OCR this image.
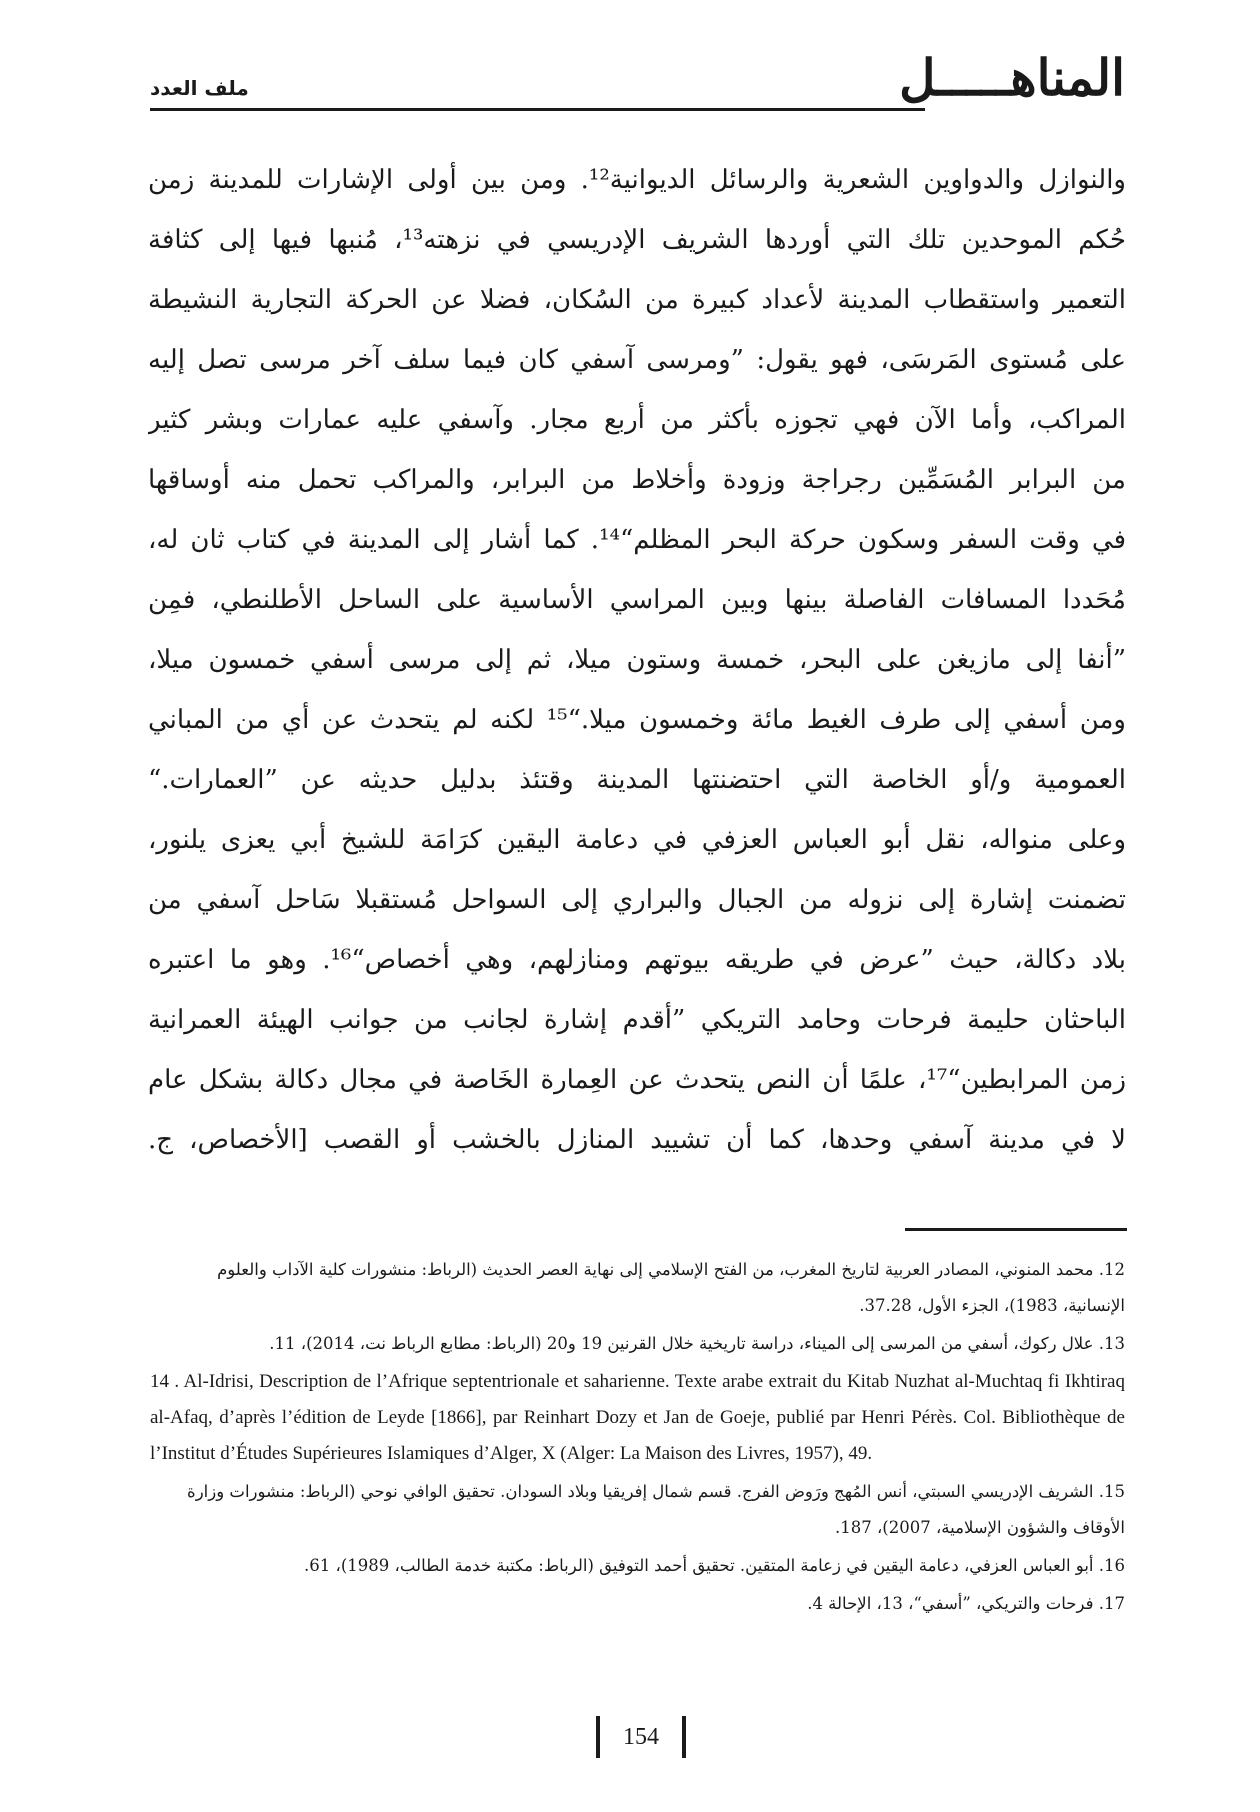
المناهـــــل
ملف العدد
والنوازل والدواوين الشعرية والرسائل الديوانية¹². ومن بين أولى الإشارات للمدينة زمن
حُكم الموحدين تلك التي أوردها الشريف الإدريسي في نزهته¹³، مُنبها فيها إلى كثافة
التعمير واستقطاب المدينة لأعداد كبيرة من السُكان، فضلا عن الحركة التجارية النشيطة
على مُستوى المَرسَى، فهو يقول: ”ومرسى آسفي كان فيما سلف آخر مرسى تصل إليه
المراكب، وأما الآن فهي تجوزه بأكثر من أربع مجار. وآسفي عليه عمارات وبشر كثير
من البرابر المُسَمِّين رجراجة وزودة وأخلاط من البرابر، والمراكب تحمل منه أوساقها
في وقت السفر وسكون حركة البحر المظلم“¹⁴. كما أشار إلى المدينة في كتاب ثان له،
مُحَددا المسافات الفاصلة بينها وبين المراسي الأساسية على الساحل الأطلنطي، فمِن
”أنفا إلى مازيغن على البحر، خمسة وستون ميلا، ثم إلى مرسى أسفي خمسون ميلا،
ومن أسفي إلى طرف الغيط مائة وخمسون ميلا.“¹⁵ لكنه لم يتحدث عن أي من المباني
العمومية و/أو الخاصة التي احتضنتها المدينة وقتئذ بدليل حديثه عن ”العمارات.“
وعلى منواله، نقل أبو العباس العزفي في دعامة اليقين كرَامَة للشيخ أبي يعزى يلنور،
تضمنت إشارة إلى نزوله من الجبال والبراري إلى السواحل مُستقبلا سَاحل آسفي من
بلاد دكالة، حيث ”عرض في طريقه بيوتهم ومنازلهم، وهي أخصاص“¹⁶. وهو ما اعتبره
الباحثان حليمة فرحات وحامد التريكي ”أقدم إشارة لجانب من جوانب الهيئة العمرانية
زمن المرابطين“¹⁷، علمًا أن النص يتحدث عن العِمارة الخَاصة في مجال دكالة بشكل عام
لا في مدينة آسفي وحدها، كما أن تشييد المنازل بالخشب أو القصب [الأخصاص، ج.
12. محمد المنوني، المصادر العربية لتاريخ المغرب، من الفتح الإسلامي إلى نهاية العصر الحديث (الرباط: منشورات كلية الآداب والعلوم الإنسانية، 1983)، الجزء الأول، 37.28.
13. علال ركوك، أسفي من المرسى إلى الميناء، دراسة تاريخية خلال القرنين 19 و20 (الرباط: مطابع الرباط نت، 2014)، 11.
14 . Al-Idrisi, Description de l’Afrique septentrionale et saharienne. Texte arabe extrait du Kitab Nuzhat al-Muchtaq fi Ikhtiraq al-Afaq, d’après l’édition de Leyde [1866], par Reinhart Dozy et Jan de Goeje, publié par Henri Pérès. Col. Bibliothèque de l’Institut d’Études Supérieures Islamiques d’Alger, X (Alger: La Maison des Livres, 1957), 49.
15. الشريف الإدريسي السبتي، أنس المُهج ورَوض الفرج. قسم شمال إفريقيا وبلاد السودان. تحقيق الوافي نوحي (الرباط: منشورات وزارة الأوقاف والشؤون الإسلامية، 2007)، 187.
16. أبو العباس العزفي، دعامة اليقين في زعامة المتقين. تحقيق أحمد التوفيق (الرباط: مكتبة خدمة الطالب، 1989)، 61.
17. فرحات والتريكي، ”أسفي“، 13، الإحالة 4.
154
